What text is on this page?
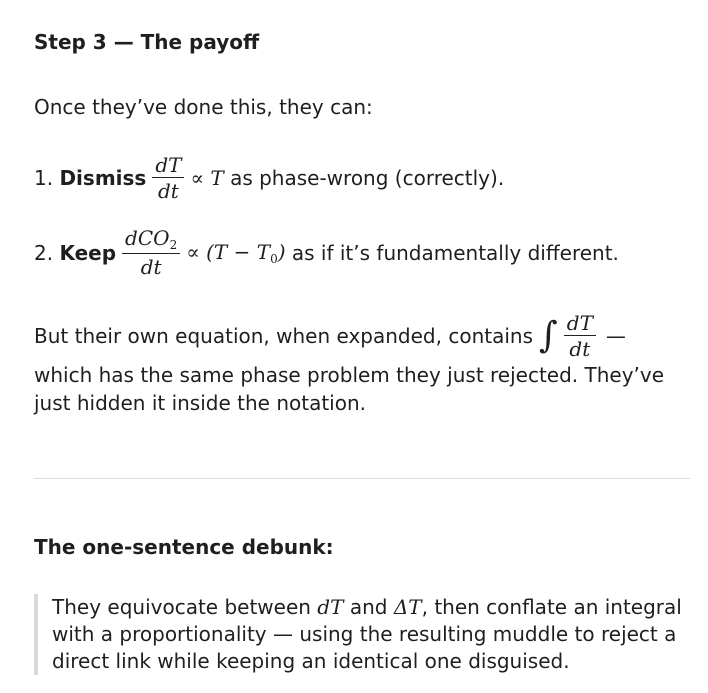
Step 3 — The payoff

Once they’ve done this, they can:

1.
Dismiss $\frac{dT}{dt} \propto T$
as phase-wrong (correctly).
2.
Keep $\frac{dCO_2}{dt} \propto (T - T_0)$
as if it’s fundamentally different.
But their own equation, when expanded, contains ∫ $\frac{dT}{dt}$ —
which has the same phase problem they just rejected. They’ve just hidden it inside the notation.
The one-sentence debunk:
They equivocate between dT and ΔT, then conflate an integral with a proportionality — using the resulting muddle to reject a direct link while keeping an identical one disguised.
